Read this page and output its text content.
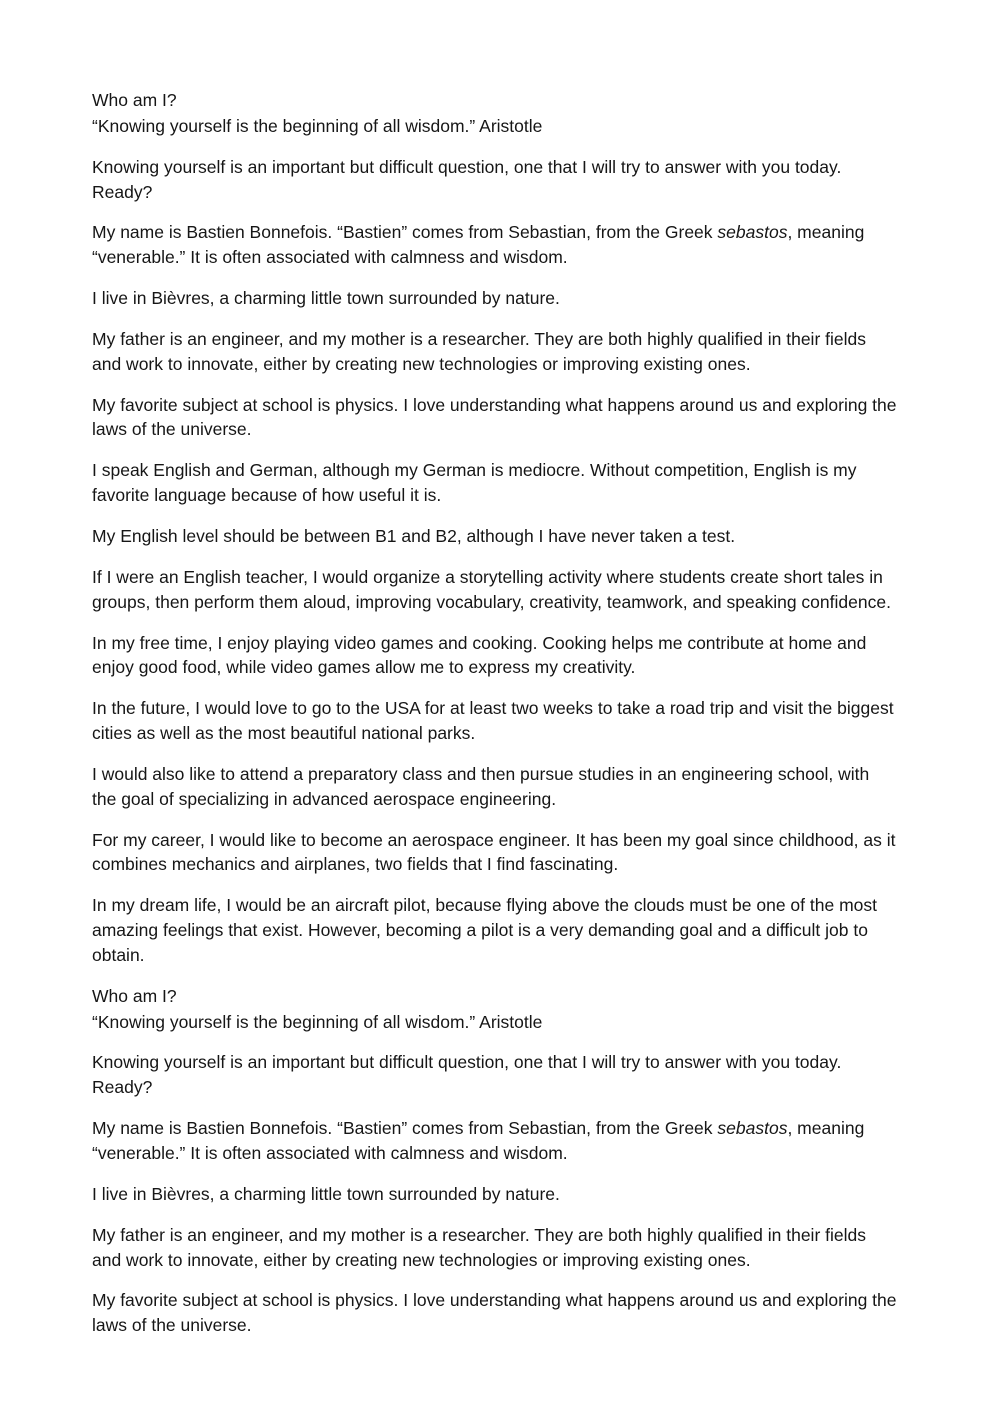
Who am I?

“Knowing yourself is the beginning of all wisdom.” Aristotle

Knowing yourself is an important but difficult question, one that I will try to answer with you today. Ready?

My name is Bastien Bonnefois. “Bastien” comes from Sebastian, from the Greek sebastos, meaning “venerable.” It is often associated with calmness and wisdom.

I live in Bièvres, a charming little town surrounded by nature.

My father is an engineer, and my mother is a researcher. They are both highly qualified in their fields and work to innovate, either by creating new technologies or improving existing ones.

My favorite subject at school is physics. I love understanding what happens around us and exploring the laws of the universe.

I speak English and German, although my German is mediocre. Without competition, English is my favorite language because of how useful it is.

My English level should be between B1 and B2, although I have never taken a test.

If I were an English teacher, I would organize a storytelling activity where students create short tales in groups, then perform them aloud, improving vocabulary, creativity, teamwork, and speaking confidence.

In my free time, I enjoy playing video games and cooking. Cooking helps me contribute at home and enjoy good food, while video games allow me to express my creativity.

In the future, I would love to go to the USA for at least two weeks to take a road trip and visit the biggest cities as well as the most beautiful national parks.

I would also like to attend a preparatory class and then pursue studies in an engineering school, with the goal of specializing in advanced aerospace engineering.

For my career, I would like to become an aerospace engineer. It has been my goal since childhood, as it combines mechanics and airplanes, two fields that I find fascinating.

In my dream life, I would be an aircraft pilot, because flying above the clouds must be one of the most amazing feelings that exist. However, becoming a pilot is a very demanding goal and a difficult job to obtain.

Who am I?

“Knowing yourself is the beginning of all wisdom.” Aristotle

Knowing yourself is an important but difficult question, one that I will try to answer with you today. Ready?

My name is Bastien Bonnefois. “Bastien” comes from Sebastian, from the Greek sebastos, meaning “venerable.” It is often associated with calmness and wisdom.

I live in Bièvres, a charming little town surrounded by nature.

My father is an engineer, and my mother is a researcher. They are both highly qualified in their fields and work to innovate, either by creating new technologies or improving existing ones.

My favorite subject at school is physics. I love understanding what happens around us and exploring the laws of the universe.
